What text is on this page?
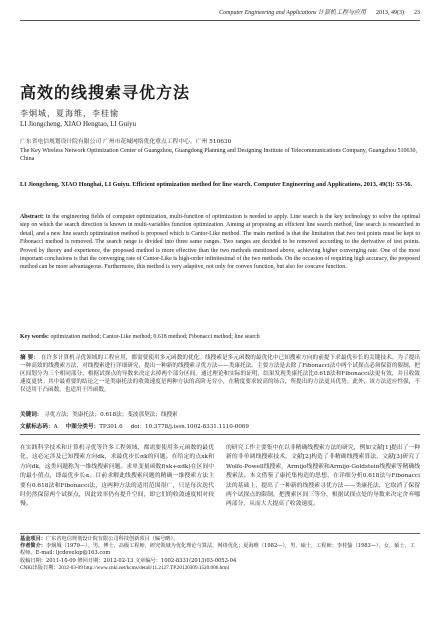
Computer Engineering and Applications 计算机工程与应用 2013, 49(3) 23
高效的线搜索寻优方法
李炯城，夏海维，李桂愉
LI Jiongcheng, XIAO Hengtao, LI Guiyu
广东省电信规划设计院有限公司 广州市花城网络优化重点工程中心，广州 510630
The Key Wireless Network Optimization Center of Guangzhou, Guangdong Planning and Designing Institute of Telecommunications Company, Guangzhou 510630, China
LI Jiongcheng, XIAO Honghai, LI Guiyu. Efficient optimization method for line search. Computer Engineering and Applications, 2013, 49(3): 53-56.
Abstract: In the engineering fields of computer optimization, multi-function of optimization is needed to apply. Line search is the key technology to solve the optimal step on which the search direction is known in multi-variables function optimization. Aiming at proposing an efficient line search method, line search is researched in detail, and a new line search optimization method is proposed which is Cantor-Like method. The main method is that the limitation that two test points must be kept to Fibonacci method is removed. The search range is divided into three same ranges. Two ranges are decided to be removed according to the derivative of test points. Proved by theory and experience, the proposed method is more effective than the two methods mentioned above, achieving higher converging rate. One of the most important conclusions is that the converging rate of Cantor-Like is high-order infinitesimal of the two methods. On the occasion of requiring high accuracy, the proposed method can be more advantageous. Furthermore, this method is very adaptive, not only for convex function, but also for concave function.
Key words: optimization method; Cantor-Like method; 0.618 method; Fibonacci method; line search
摘 要： 在许多计算机寻优领域的工程应用，都需要使用多元函数的优化。线搜索是多元函数的最优化中已知搜索方向的前提下求最优步长的关键技术。为了提出一种高效的线搜索方法，对线搜索进行详细研究，提出一种新的线搜索寻优方法——类康托法。主要方法是去除了Fibonacci法中两个试探点必须保留的限制，把区间划分为三个相同部分，根据试探点的导数来决定去掉两个部分区间。通过理论和实际的证明，结果发现类康托法比0.618法和Fibonacci法更有效，并且收敛速度更快。其中最重要的结论之一是类康托法的收敛速度是两种方法的高阶无穷小，在精度要求较高的场合，所提出的方法更具优势。此外，该方法适应性强，不仅适用于凸函数，也适用于凹函数。
关键词： 寻优方法；类康托法；0.618法；斐波那契法；线搜索
文献标志码：A 中图分类号：TP301.6 doi：10.3778/j.issn.1002-8331.1110-0069
在实践科学技术和计算机寻优等许多工程领域，都需要使用多元函数的最优化，这必定涉及已知搜索方向dk，求最优步长αk的问题。在给定的点xk和方向dk，这类问题称为一维线搜索问题。求单变量函数f(xk+αdk)在区间中的最小值点，即最优步长α。目前求解此线搜索问题的精确一维搜索方法主要有0.618法和Fibonacci法，这两种方法的适用范围很广，只是每次迭代时仍然保留两个试探点，因此效率仍有提升空间，即它们的收敛速度相对较慢。
的研究工作主要集中在以非精确线搜索方法的研究，例如文献[1]提出了一种新的非单调线搜索技术，文献[2]构造了非精确线搜索算法，文献[3]研究了Wolfe-Powell线搜索，Armijo线搜索和Armijo-Goldstein线搜索等精确线搜索法。本文借鉴了康托集构造的思想，在详细分析0.618法与Fibonacci法的基础上，提出了一种新的线搜索寻优方法——类康托法，它取消了保留两个试探点的限制，把搜索区间三等分，根据试探点处的导数来决定舍弃哪两部分，从而大大提高了收敛速度。
基金项目：广东省电信规划设计院有限公司科技创新项目（编号略）。
作者简介：李炯城（1979—），男，博士，高级工程师，研究领域为优化理论与算法、网络优化；夏海维（1982—），男，硕士，工程师；李桂愉（1983—），女，硕士，工程师。E-mail: ljcdevelop@163.com
收稿日期：2011-10-09 修回日期：2012-02-13 文章编号：1002-8331(2013)03-0053-04
CNKI出版日期：2012-03-09 http://www.cnki.net/kcms/detail/11.2127.TP.20120309.1520.006.html
